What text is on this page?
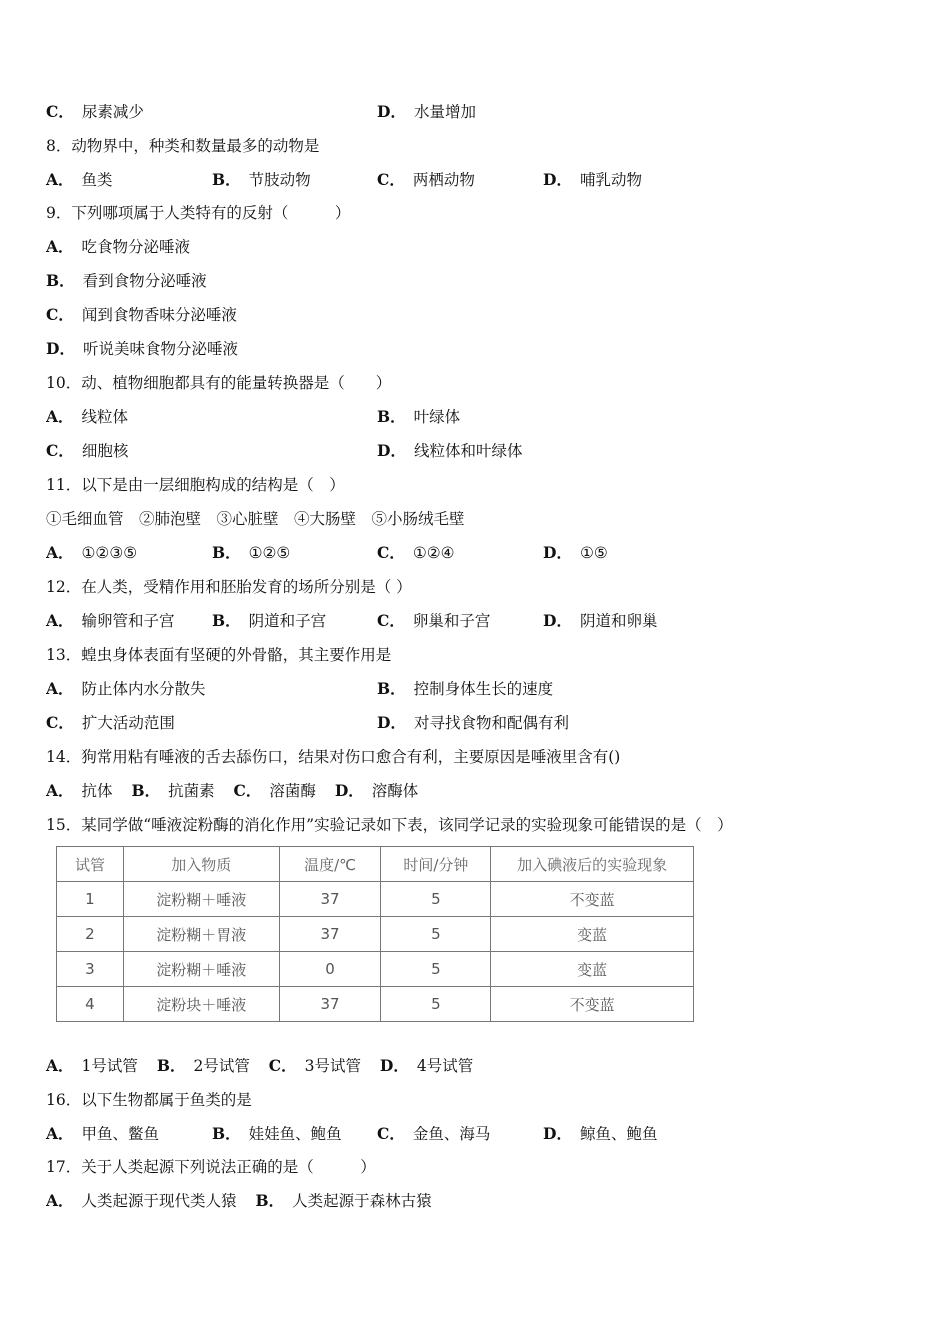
C． 尿素减少	D． 水量增加
8．动物界中，种类和数量最多的动物是
A． 鱼类	B． 节肢动物	C． 两栖动物	D． 哺乳动物
9．下列哪项属于人类特有的反射（　　　）
A． 吃食物分泌唾液
B． 看到食物分泌唾液
C． 闻到食物香味分泌唾液
D． 听说美味食物分泌唾液
10．动、植物细胞都具有的能量转换器是（　　）
A． 线粒体	B． 叶绿体
C． 细胞核	D． 线粒体和叶绿体
11．以下是由一层细胞构成的结构是（　）
①毛细血管　②肺泡壁　③心脏壁　④大肠壁　⑤小肠绒毛壁
A． ①②③⑤	B． ①②⑤	C． ①②④	D． ①⑤
12．在人类，受精作用和胚胎发育的场所分别是（ ）
A． 输卵管和子宫 B． 阴道和子宫	C． 卵巢和子宫	D． 阴道和卵巢
13．蝗虫身体表面有坚硬的外骨骼，其主要作用是
A． 防止体内水分散失	B． 控制身体生长的速度
C． 扩大活动范围	D． 对寻找食物和配偶有利
14．狗常用粘有唾液的舌去舔伤口，结果对伤口愈合有利，主要原因是唾液里含有()
A． 抗体 B． 抗菌素 C． 溶菌酶 D． 溶酶体
15．某同学做“唾液淀粉酶的消化作用”实验记录如下表，该同学记录的实验现象可能错误的是（　）
试管	加入物质	温度/℃	时间/分钟	加入碘液后的实验现象
1	淀粉糊＋唾液	37	5	不变蓝
2	淀粉糊＋胃液	37	5	变蓝
3	淀粉糊＋唾液	0	5	变蓝
4	淀粉块＋唾液	37	5	不变蓝
A． 1号试管 B． 2号试管 C． 3号试管 D． 4号试管
16．以下生物都属于鱼类的是
A． 甲鱼、鳖鱼	B． 娃娃鱼、鲍鱼 C． 金鱼、海马	D． 鲸鱼、鲍鱼
17．关于人类起源下列说法正确的是（　　　）
A． 人类起源于现代类人猿 B． 人类起源于森林古猿
